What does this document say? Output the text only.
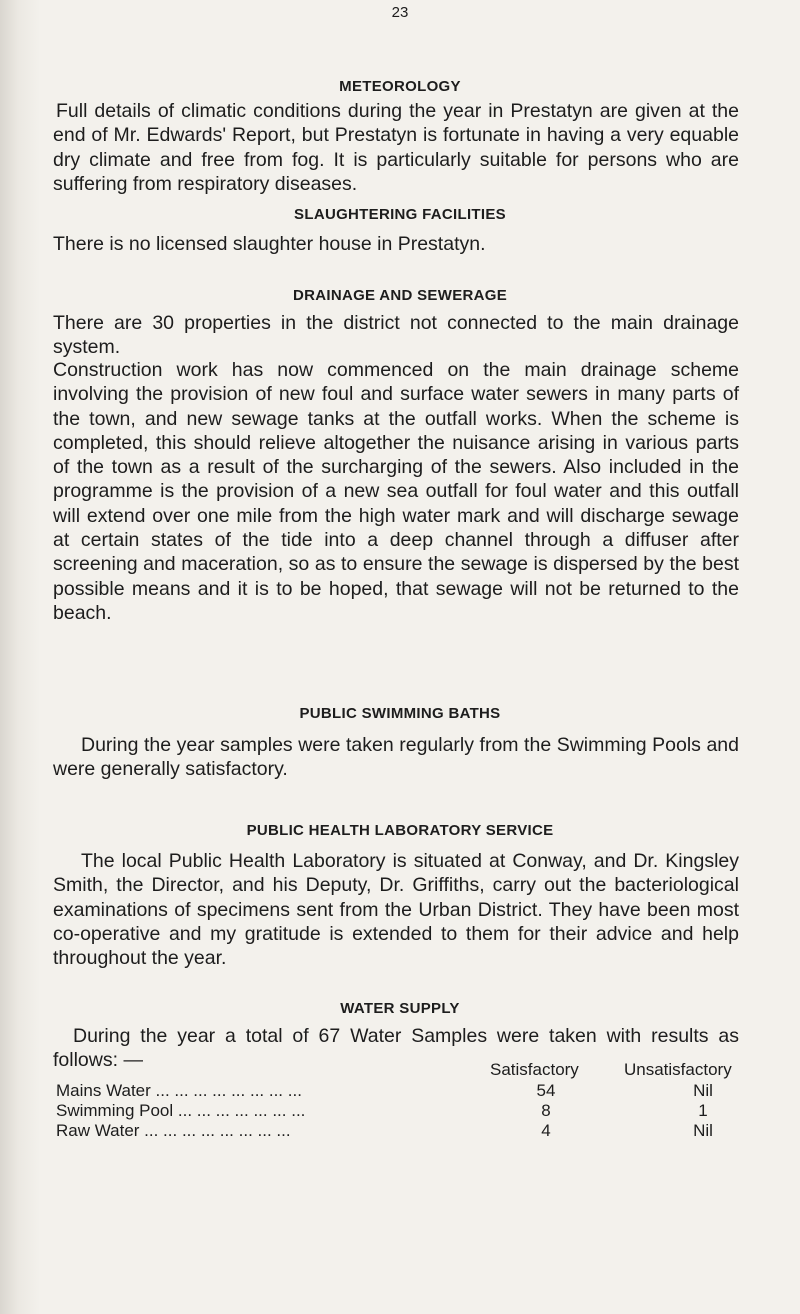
23
METEOROLOGY

Full details of climatic conditions during the year in Prestatyn are given at the end of Mr. Edwards' Report, but Prestatyn is fortunate in having a very equable dry climate and free from fog. It is particularly suitable for persons who are suffering from respiratory diseases.

SLAUGHTERING FACILITIES

There is no licensed slaughter house in Prestatyn.

DRAINAGE AND SEWERAGE

There are 30 properties in the district not connected to the main drainage system.

Construction work has now commenced on the main drainage scheme involving the provision of new foul and surface water sewers in many parts of the town, and new sewage tanks at the outfall works. When the scheme is completed, this should relieve altogether the nuisance arising in various parts of the town as a result of the surcharging of the sewers. Also included in the programme is the provision of a new sea outfall for foul water and this outfall will extend over one mile from the high water mark and will discharge sewage at certain states of the tide into a deep channel through a diffuser after screening and maceration, so as to ensure the sewage is dispersed by the best possible means and it is to be hoped, that sewage will not be returned to the beach.

PUBLIC SWIMMING BATHS

During the year samples were taken regularly from the Swimming Pools and were generally satisfactory.

PUBLIC HEALTH LABORATORY SERVICE

The local Public Health Laboratory is situated at Conway, and Dr. Kingsley Smith, the Director, and his Deputy, Dr. Griffiths, carry out the bacteriological examinations of specimens sent from the Urban District. They have been most co-operative and my gratitude is extended to them for their advice and help throughout the year.

WATER SUPPLY

During the year a total of 67 Water Samples were taken with results as follows: —	Satisfactory	Unsatisfactory
Mains Water ... ... ... ... ... ... ... ...	54	Nil
Swimming Pool ... ... ... ... ... ... ...	8	1
Raw Water ... ... ... ... ... ... ... ...	4	Nil
